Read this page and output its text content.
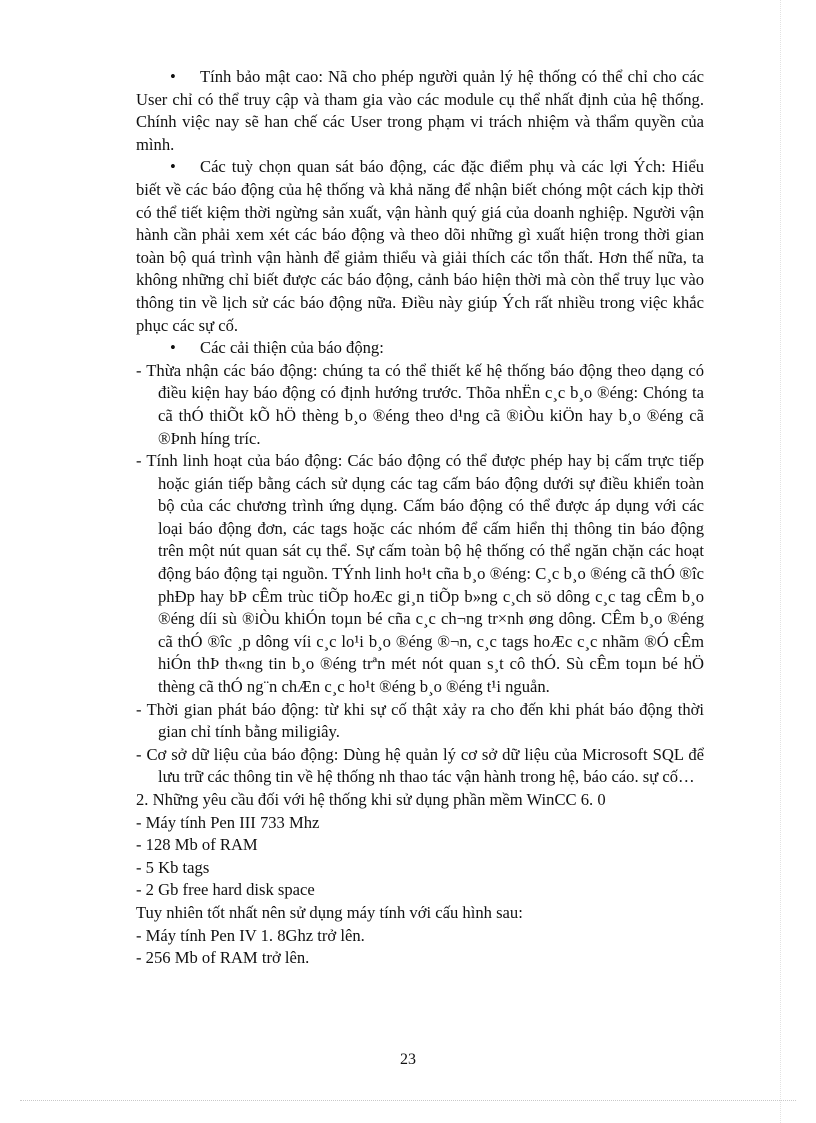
• Tính bảo mật cao: Nã cho phép người quản lý hệ thống có thể chỉ cho các User chỉ có thể truy cập và tham gia vào các module cụ thể nhất định của hệ thống. Chính việc nay sẽ han chế các User trong phạm vi trách nhiệm và thẩm quyền của mình.

• Các tuỳ chọn quan sát báo động, các đặc điểm phụ và các lợi Ých: Hiểu biết về các báo động của hệ thống và khả năng để nhận biết chóng một cách kịp thời có thể tiết kiệm thời ngừng sản xuất, vận hành quý giá của doanh nghiệp. Người vận hành cần phải xem xét các báo động và theo dõi những gì xuất hiện trong thời gian toàn bộ quá trình vận hành để giảm thiểu và giải thích các tổn thất. Hơn thế nữa, ta không những chỉ biết được các báo động, cảnh báo hiện thời mà còn thể truy lục vào thông tin về lịch sử các báo động nữa. Điều này giúp Ých rất nhiều trong việc khắc phục các sự cố.

• Các cải thiện của báo động:

- Thừa nhận các báo động: chúng ta có thể thiết kế hệ thống báo động theo dạng có điều kiện hay báo động có định hướng trước. Thõa nhËn c¸c b¸o ®éng: Chóng ta cã thÓ thiÕt kÕ hÖ thèng b¸o ®éng theo d¹ng cã ®iÒu kiÖn hay b¸o ®éng cã ®Þnh híng tríc.

- Tính linh hoạt của báo động: Các báo động có thể được phép hay bị cấm trực tiếp hoặc gián tiếp bằng cách sử dụng các tag cấm báo động dưới sự điều khiển toàn bộ của các chương trình ứng dụng. Cấm báo động có thể được áp dụng với các loại báo động đơn, các tags hoặc các nhóm để cấm hiển thị thông tin báo động trên một nút quan sát cụ thể. Sự cấm toàn bộ hệ thống có thể ngăn chặn các hoạt động báo động tại nguồn. TÝnh linh ho¹t cña b¸o ®éng: C¸c b¸o ®éng cã thÓ ®îc phÐp hay bÞ cÊm trùc tiÕp hoÆc gi¸n tiÕp b»ng c¸ch sö dông c¸c tag cÊm b¸o ®éng díi sù ®iÒu khiÓn toµn bé cña c¸c ch¬ng tr×nh øng dông. CÊm b¸o ®éng cã thÓ ®îc ¸p dông víi c¸c lo¹i b¸o ®éng ®¬n, c¸c tags hoÆc c¸c nhãm ®Ó cÊm hiÓn thÞ th«ng tin b¸o ®éng trªn mét nót quan s¸t cô thÓ. Sù cÊm toµn bé hÖ thèng cã thÓ ng¨n chÆn c¸c ho¹t ®éng b¸o ®éng t¹i nguån.

- Thời gian phát báo động: từ khi sự cố thật xảy ra cho đến khi phát báo động thời gian chỉ tính bằng miligiây.

- Cơ sở dữ liệu của báo động: Dùng hệ quản lý cơ sở dữ liệu của Microsoft SQL để lưu trữ các thông tin về hệ thống nh thao tác vận hành trong hệ, báo cáo. sự cố…

2. Những yêu cầu đối với hệ thống khi sử dụng phần mềm WinCC 6. 0

- Máy tính Pen III 733 Mhz

- 128 Mb of RAM

- 5 Kb tags

- 2 Gb free hard disk space

Tuy nhiên tốt nhất nên sử dụng máy tính với cấu hình sau:

- Máy tính Pen IV 1. 8Ghz trở lên.

- 256 Mb of RAM trở lên.

23
